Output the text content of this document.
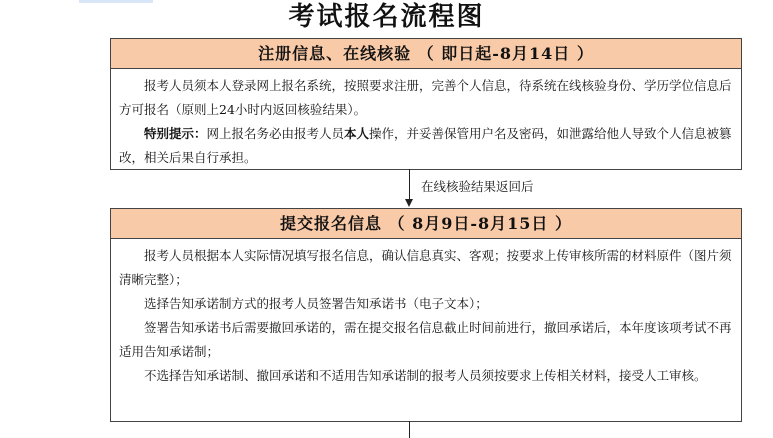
考试报名流程图
注册信息、在线核验 （ 即日起-8月14日 ）

报考人员须本人登录网上报名系统，按照要求注册，完善个人信息，待系统在线核验身份、学历学位信息后方可报名（原则上24小时内返回核验结果）。

特别提示：网上报名务必由报考人员本人操作，并妥善保管用户名及密码，如泄露给他人导致个人信息被篡改，相关后果自行承担。

在线核验结果返回后
提交报名信息 （ 8月9日-8月15日 ）

报考人员根据本人实际情况填写报名信息，确认信息真实、客观；按要求上传审核所需的材料原件（图片须清晰完整）；

选择告知承诺制方式的报考人员签署告知承诺书（电子文本）；

签署告知承诺书后需要撤回承诺的，需在提交报名信息截止时间前进行，撤回承诺后，本年度该项考试不再适用告知承诺制；

不选择告知承诺制、撤回承诺和不适用告知承诺制的报考人员须按要求上传相关材料，接受人工审核。
